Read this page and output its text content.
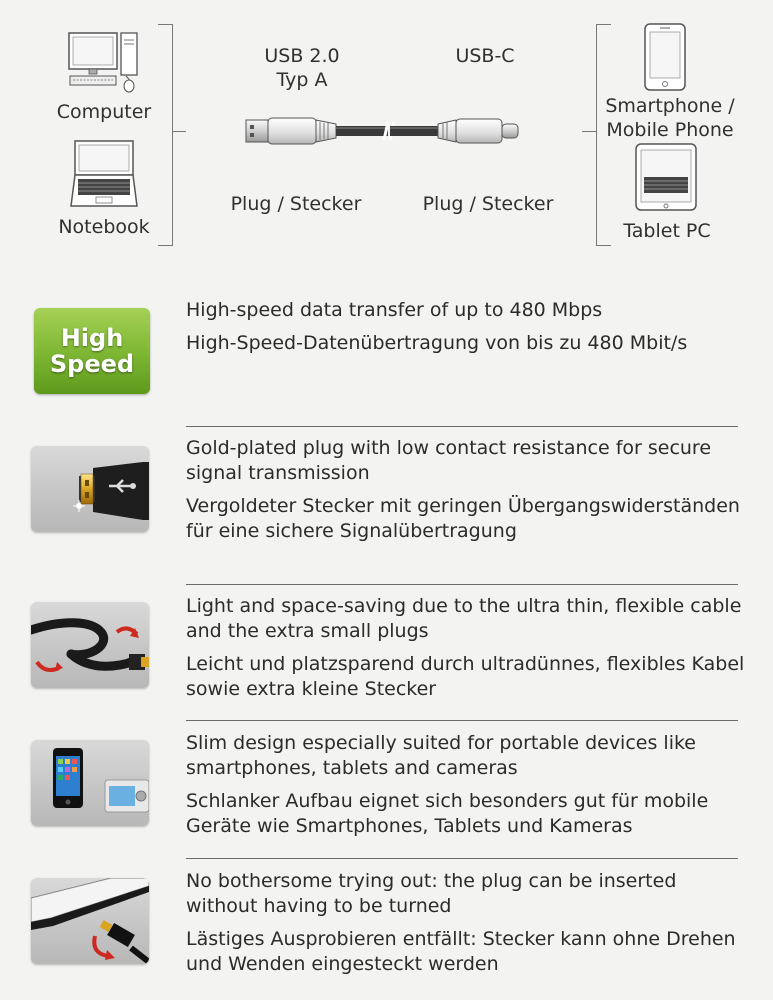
Computer
Notebook
USB 2.0
Typ A
USB-C
Plug / Stecker	Plug / Stecker
Smartphone /
Mobile Phone
Tablet PC
High
Speed

High-speed data transfer of up to 480 Mbps

High-Speed-Datenübertragung von bis zu 480 Mbit/s

Gold-plated plug with low contact resistance for secure signal transmission

Vergoldeter Stecker mit geringen Übergangswiderständen für eine sichere Signalübertragung

Light and space-saving due to the ultra thin, flexible cable and the extra small plugs

Leicht und platzsparend durch ultradünnes, flexibles Kabel sowie extra kleine Stecker

Slim design especially suited for portable devices like smartphones, tablets and cameras

Schlanker Aufbau eignet sich besonders gut für mobile Geräte wie Smartphones, Tablets und Kameras

No bothersome trying out: the plug can be inserted without having to be turned

Lästiges Ausprobieren entfällt: Stecker kann ohne Drehen und Wenden eingesteckt werden
